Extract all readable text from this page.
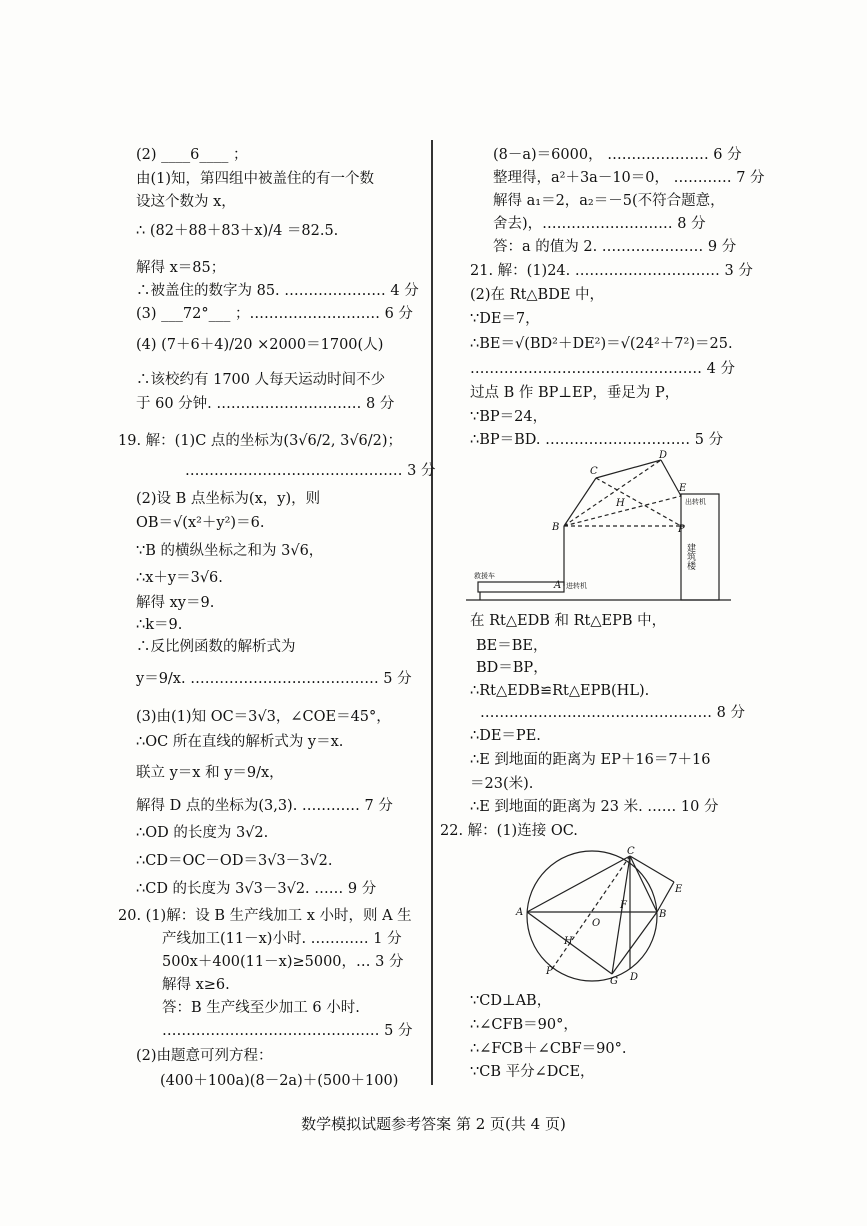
(2) ____6____ ；
由(1)知，第四组中被盖住的有一个数
设这个数为 x，
∴ (82＋88＋83＋x)/4 ＝82.5.
解得 x＝85；
∴被盖住的数字为 85. ………………… 4 分
(3) ___72°___ ；……………………… 6 分
(4) (7＋6＋4)/20 ×2000＝1700(人)
∴该校约有 1700 人每天运动时间不少
于 60 分钟. ………………………… 8 分
19. 解：(1)C 点的坐标为(3√6/2, 3√6/2)；
……………………………………… 3 分
(2)设 B 点坐标为(x，y)，则
OB＝√(x²＋y²)＝6.
∵B 的横纵坐标之和为 3√6，
∴x＋y＝3√6.
解得 xy＝9.
∴k＝9.
∴反比例函数的解析式为
y＝9/x. ………………………………… 5 分
(3)由(1)知 OC＝3√3，∠COE＝45°，
∴OC 所在直线的解析式为 y＝x.
联立 y＝x 和 y＝9/x，
解得 D 点的坐标为(3,3). ………… 7 分
∴OD 的长度为 3√2.
∴CD＝OC－OD＝3√3－3√2.
∴CD 的长度为 3√3－3√2. …… 9 分
20. (1)解：设 B 生产线加工 x 小时，则 A 生
产线加工(11－x)小时. ………… 1 分
500x＋400(11－x)≥5000，… 3 分
解得 x≥6.
答：B 生产线至少加工 6 小时.
……………………………………… 5 分
(2)由题意可列方程：
(400＋100a)(8－2a)＋(500＋100)
(8－a)＝6000， ………………… 6 分
整理得，a²＋3a－10＝0， ………… 7 分
解得 a₁＝2，a₂＝－5(不符合题意，
舍去)，……………………… 8 分
答：a 的值为 2. ………………… 9 分
21. 解：(1)24. ………………………… 3 分
(2)在 Rt△BDE 中，
∵DE＝7，
∴BE＝√(BD²＋DE²)＝√(24²＋7²)＝25.
………………………………………… 4 分
过点 B 作 BP⊥EP，垂足为 P，
∵BP＝24，
∴BP＝BD. ………………………… 5 分
在 Rt△EDB 和 Rt△EPB 中，
BE＝BE，
BD＝BP，
∴Rt△EDB≌Rt△EPB(HL).
………………………………………… 8 分
∴DE＝PE.
∴E 到地面的距离为 EP＋16＝7＋16
＝23(米).
∴E 到地面的距离为 23 米. …… 10 分
22. 解：(1)连接 OC.
∵CD⊥AB，
∴∠CFB＝90°，
∴∠FCB＋∠CBF＝90°.
∵CB 平分∠DCE，
C
D
E
B
A
P
H	出转机
进转机
救援车
建筑楼
C
E
A
F
B
O
H
P
G D
数学模拟试题参考答案 第 2 页(共 4 页)
